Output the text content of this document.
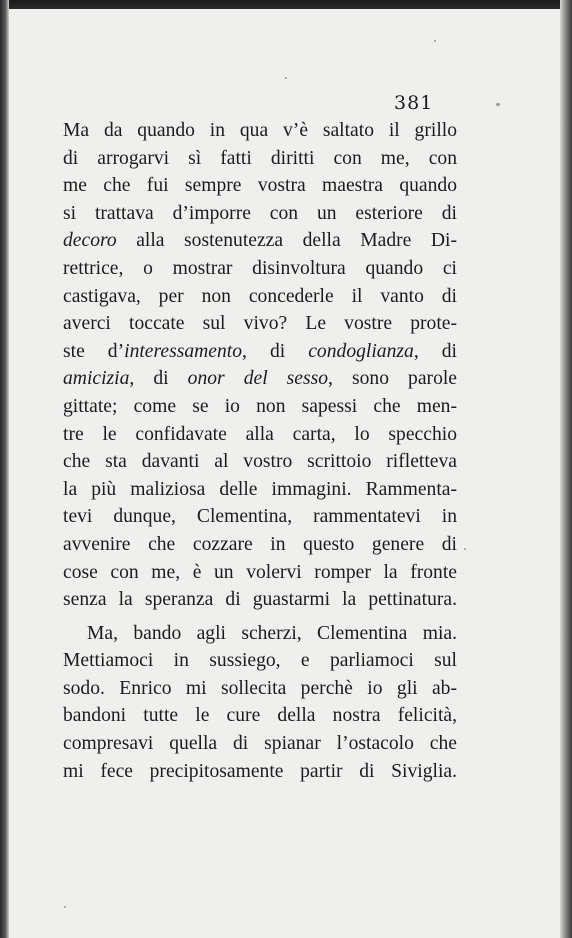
381
Ma da quando in qua v’è saltato il grillo
di arrogarvi sì fatti diritti con me, con
me che fui sempre vostra maestra quando
si trattava d’imporre con un esteriore di
decoro alla sostenutezza della Madre Di-
rettrice, o mostrar disinvoltura quando ci
castigava, per non concederle il vanto di
averci toccate sul vivo? Le vostre prote-
ste d’interessamento, di condoglianza, di
amicizia, di onor del sesso, sono parole
gittate; come se io non sapessi che men-
tre le confidavate alla carta, lo specchio
che sta davanti al vostro scrittoio rifletteva
la più maliziosa delle immagini. Rammenta-
tevi dunque, Clementina, rammentatevi in
avvenire che cozzare in questo genere di
cose con me, è un volervi romper la fronte
senza la speranza di guastarmi la pettinatura.
Ma, bando agli scherzi, Clementina mia.
Mettiamoci in sussiego, e parliamoci sul
sodo. Enrico mi sollecita perchè io gli ab-
bandoni tutte le cure della nostra felicità,
compresavi quella di spianar l’ostacolo che
mi fece precipitosamente partir di Siviglia.
